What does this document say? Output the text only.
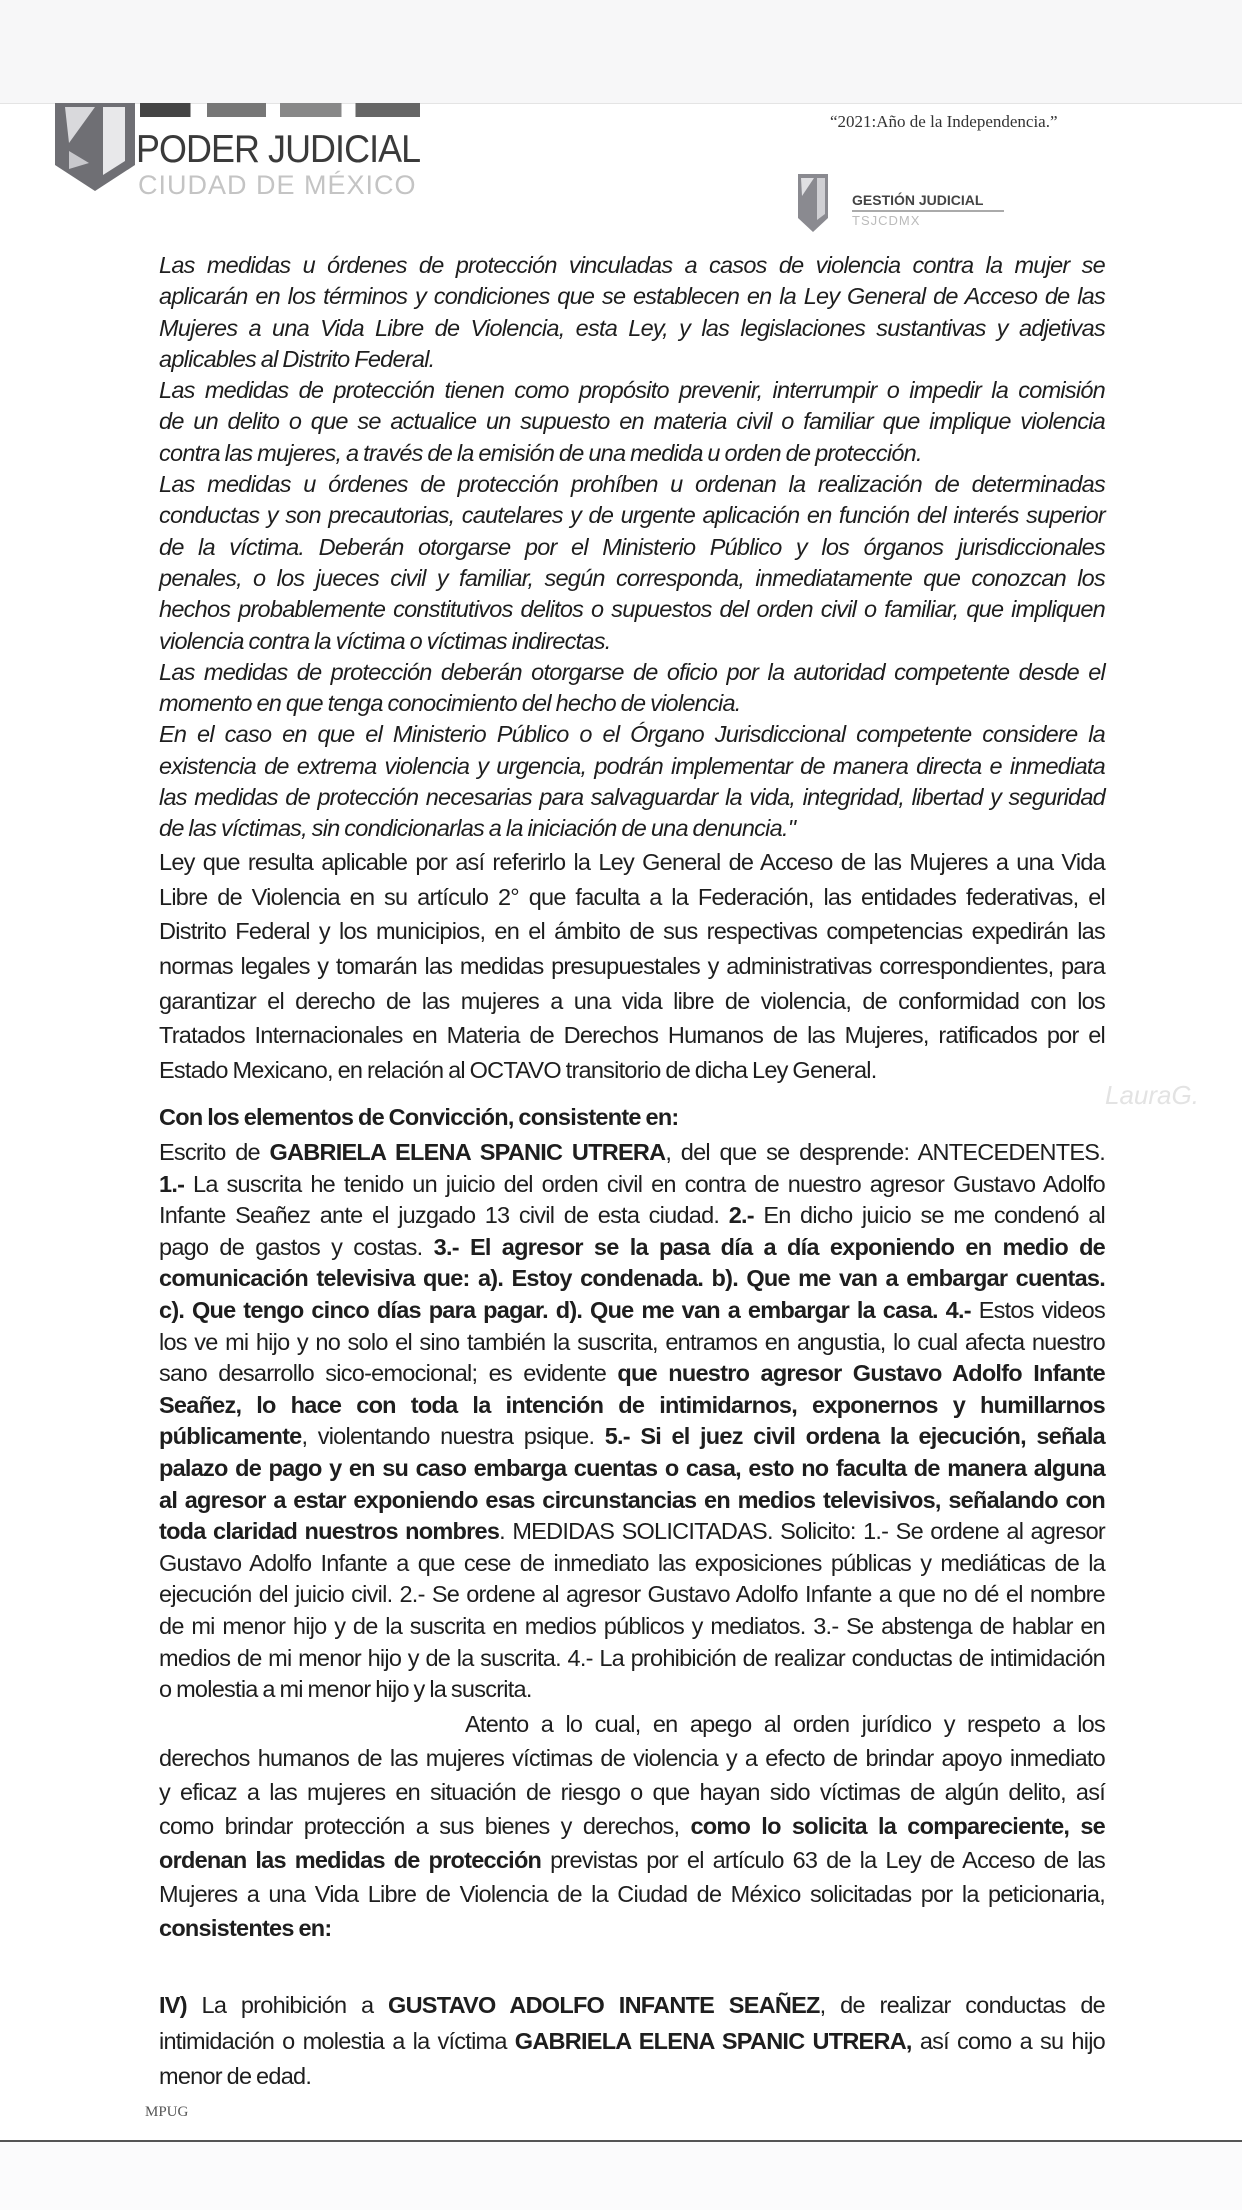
PODER JUDICIAL
CIUDAD DE MÉXICO
“2021:Año de la Independencia.”
GESTIÓN JUDICIAL
TSJCDMX
Las medidas u órdenes de protección vinculadas a casos de violencia contra la mujer se
aplicarán en los términos y condiciones que se establecen en la Ley General de Acceso de las
Mujeres a una Vida Libre de Violencia, esta Ley, y las legislaciones sustantivas y adjetivas
aplicables al Distrito Federal.
Las medidas de protección tienen como propósito prevenir, interrumpir o impedir la comisión
de un delito o que se actualice un supuesto en materia civil o familiar que implique violencia
contra las mujeres, a través de la emisión de una medida u orden de protección.
Las medidas u órdenes de protección prohíben u ordenan la realización de determinadas
conductas y son precautorias, cautelares y de urgente aplicación en función del interés superior
de la víctima. Deberán otorgarse por el Ministerio Público y los órganos jurisdiccionales
penales, o los jueces civil y familiar, según corresponda, inmediatamente que conozcan los
hechos probablemente constitutivos delitos o supuestos del orden civil o familiar, que impliquen
violencia contra la víctima o víctimas indirectas.
Las medidas de protección deberán otorgarse de oficio por la autoridad competente desde el
momento en que tenga conocimiento del hecho de violencia.
En el caso en que el Ministerio Público o el Órgano Jurisdiccional competente considere la
existencia de extrema violencia y urgencia, podrán implementar de manera directa e inmediata
las medidas de protección necesarias para salvaguardar la vida, integridad, libertad y seguridad
de las víctimas, sin condicionarlas a la iniciación de una denuncia."
Ley que resulta aplicable por así referirlo la Ley General de Acceso de las Mujeres a una Vida
Libre de Violencia en su artículo 2° que faculta a la Federación, las entidades federativas, el
Distrito Federal y los municipios, en el ámbito de sus respectivas competencias expedirán las
normas legales y tomarán las medidas presupuestales y administrativas correspondientes, para
garantizar el derecho de las mujeres a una vida libre de violencia, de conformidad con los
Tratados Internacionales en Materia de Derechos Humanos de las Mujeres, ratificados por el
Estado Mexicano, en relación al OCTAVO transitorio de dicha Ley General.
Con los elementos de Convicción, consistente en:
Escrito de GABRIELA ELENA SPANIC UTRERA, del que se desprende: ANTECEDENTES.
1.- La suscrita he tenido un juicio del orden civil en contra de nuestro agresor Gustavo Adolfo
Infante Seañez ante el juzgado 13 civil de esta ciudad. 2.- En dicho juicio se me condenó al
pago de gastos y costas. 3.- El agresor se la pasa día a día exponiendo en medio de
comunicación televisiva que: a). Estoy condenada. b). Que me van a embargar cuentas.
c). Que tengo cinco días para pagar. d). Que me van a embargar la casa. 4.- Estos videos
los ve mi hijo y no solo el sino también la suscrita, entramos en angustia, lo cual afecta nuestro
sano desarrollo sico-emocional; es evidente que nuestro agresor Gustavo Adolfo Infante
Seañez, lo hace con toda la intención de intimidarnos, exponernos y humillarnos
públicamente, violentando nuestra psique. 5.- Si el juez civil ordena la ejecución, señala
palazo de pago y en su caso embarga cuentas o casa, esto no faculta de manera alguna
al agresor a estar exponiendo esas circunstancias en medios televisivos, señalando con
toda claridad nuestros nombres. MEDIDAS SOLICITADAS. Solicito: 1.- Se ordene al agresor
Gustavo Adolfo Infante a que cese de inmediato las exposiciones públicas y mediáticas de la
ejecución del juicio civil. 2.- Se ordene al agresor Gustavo Adolfo Infante a que no dé el nombre
de mi menor hijo y de la suscrita en medios públicos y mediatos. 3.- Se abstenga de hablar en
medios de mi menor hijo y de la suscrita. 4.- La prohibición de realizar conductas de intimidación
o molestia a mi menor hijo y la suscrita.
Atento a lo cual, en apego al orden jurídico y respeto a los
derechos humanos de las mujeres víctimas de violencia y a efecto de brindar apoyo inmediato
y eficaz a las mujeres en situación de riesgo o que hayan sido víctimas de algún delito, así
como brindar protección a sus bienes y derechos, como lo solicita la compareciente, se
ordenan las medidas de protección previstas por el artículo 63 de la Ley de Acceso de las
Mujeres a una Vida Libre de Violencia de la Ciudad de México solicitadas por la peticionaria,
consistentes en:
IV) La prohibición a GUSTAVO ADOLFO INFANTE SEAÑEZ, de realizar conductas de
intimidación o molestia a la víctima GABRIELA ELENA SPANIC UTRERA, así como a su hijo
menor de edad.
LauraG.
MPUG
